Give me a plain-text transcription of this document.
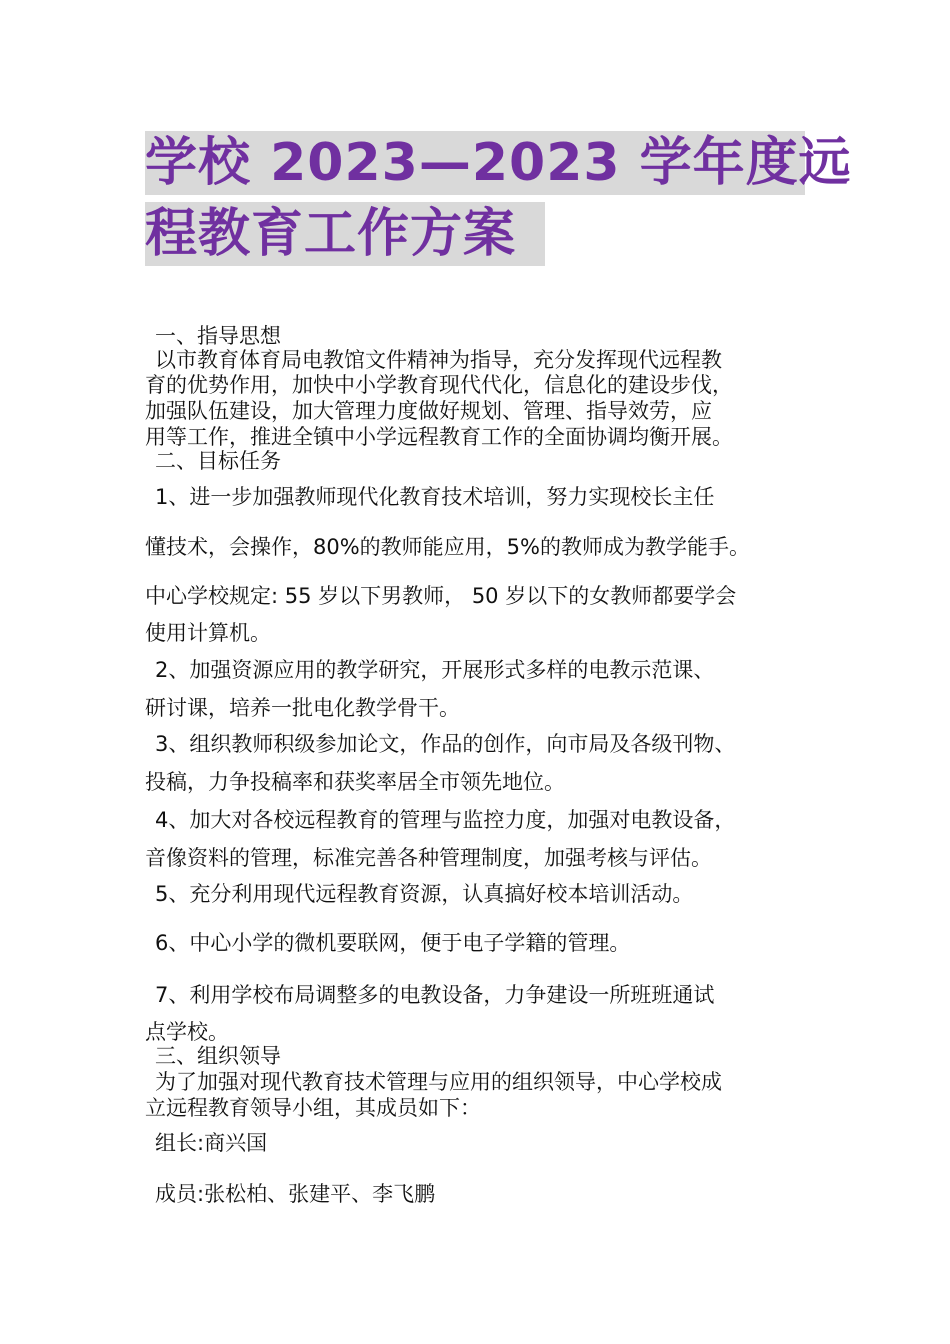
学校 2023—2023 学年度远
程教育工作方案
一、指导思想
以市教育体育局电教馆文件精神为指导，充分发挥现代远程教
育的优势作用，加快中小学教育现代代化，信息化的建设步伐，
加强队伍建设，加大管理力度做好规划、管理、指导效劳，应
用等工作，推进全镇中小学远程教育工作的全面协调均衡开展。
二、目标任务
1、进一步加强教师现代化教育技术培训，努力实现校长主任
懂技术，会操作，80%的教师能应用，5%的教师成为教学能手。
中心学校规定: 55 岁以下男教师， 50 岁以下的女教师都要学会
使用计算机。
2、加强资源应用的教学研究，开展形式多样的电教示范课、
研讨课，培养一批电化教学骨干。
3、组织教师积级参加论文，作品的创作，向市局及各级刊物、
投稿，力争投稿率和获奖率居全市领先地位。
4、加大对各校远程教育的管理与监控力度，加强对电教设备，
音像资料的管理，标准完善各种管理制度，加强考核与评估。
5、充分利用现代远程教育资源，认真搞好校本培训活动。
6、中心小学的微机要联网，便于电子学籍的管理。
7、利用学校布局调整多的电教设备，力争建设一所班班通试
点学校。
三、组织领导
为了加强对现代教育技术管理与应用的组织领导，中心学校成
立远程教育领导小组，其成员如下：
组长:商兴国
成员:张松柏、张建平、李飞鹏
